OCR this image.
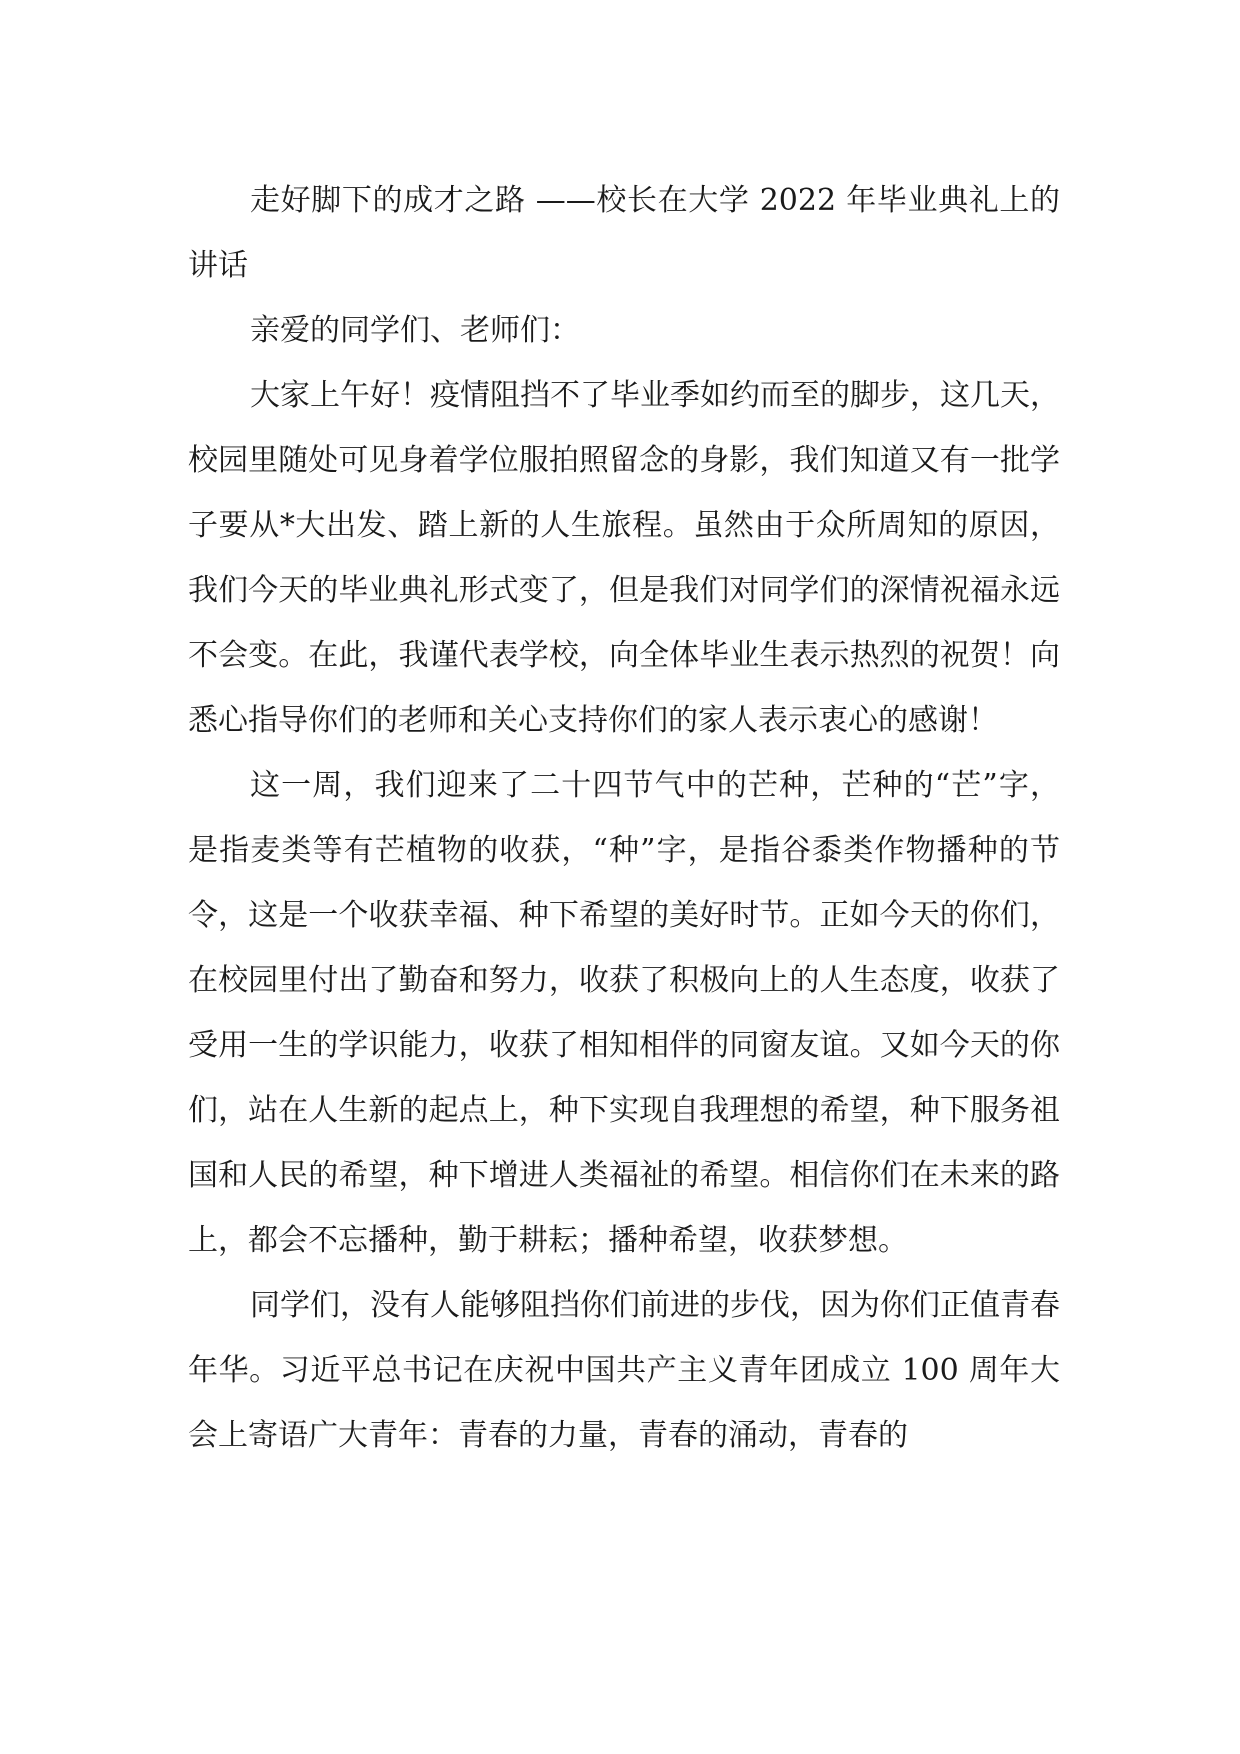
走好脚下的成才之路 ——校长在大学 2022 年毕业典礼上的讲话

亲爱的同学们、老师们：

大家上午好！疫情阻挡不了毕业季如约而至的脚步，这几天，校园里随处可见身着学位服拍照留念的身影，我们知道又有一批学子要从*大出发、踏上新的人生旅程。虽然由于众所周知的原因，我们今天的毕业典礼形式变了，但是我们对同学们的深情祝福永远不会变。在此，我谨代表学校，向全体毕业生表示热烈的祝贺！向悉心指导你们的老师和关心支持你们的家人表示衷心的感谢！

这一周，我们迎来了二十四节气中的芒种，芒种的“芒”字，是指麦类等有芒植物的收获，“种”字，是指谷黍类作物播种的节令，这是一个收获幸福、种下希望的美好时节。正如今天的你们，在校园里付出了勤奋和努力，收获了积极向上的人生态度，收获了受用一生的学识能力，收获了相知相伴的同窗友谊。又如今天的你们，站在人生新的起点上，种下实现自我理想的希望，种下服务祖国和人民的希望，种下增进人类福祉的希望。相信你们在未来的路上，都会不忘播种，勤于耕耘；播种希望，收获梦想。

同学们，没有人能够阻挡你们前进的步伐，因为你们正值青春年华。习近平总书记在庆祝中国共产主义青年团成立 100 周年大会上寄语广大青年：青春的力量，青春的涌动，青春的
